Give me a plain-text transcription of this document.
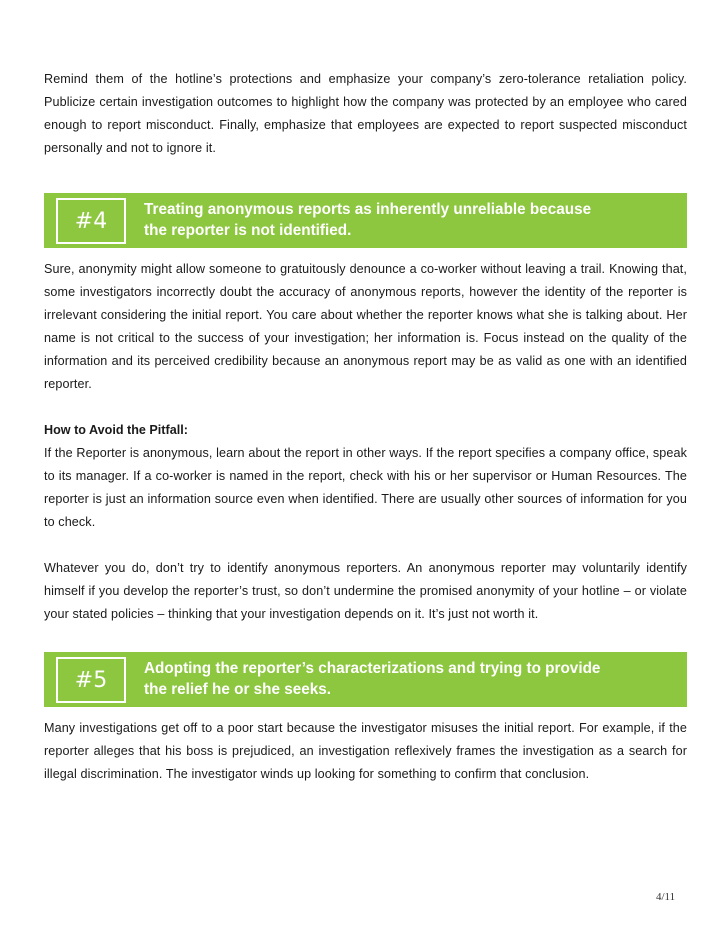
Remind them of the hotline’s protections and emphasize your company’s zero-tolerance retaliation policy. Publicize certain investigation outcomes to highlight how the company was protected by an employee who cared enough to report misconduct. Finally, emphasize that employees are expected to report suspected misconduct personally and not to ignore it.

#4	Treating anonymous reports as inherently unreliable because
the reporter is not identified.

Sure, anonymity might allow someone to gratuitously denounce a co-worker without leaving a trail. Knowing that, some investigators incorrectly doubt the accuracy of anonymous reports, however the identity of the reporter is irrelevant considering the initial report. You care about whether the reporter knows what she is talking about. Her name is not critical to the success of your investigation; her information is. Focus instead on the quality of the information and its perceived credibility because an anonymous report may be as valid as one with an identified reporter.

How to Avoid the Pitfall:

If the Reporter is anonymous, learn about the report in other ways. If the report specifies a company office, speak to its manager. If a co-worker is named in the report, check with his or her supervisor or Human Resources. The reporter is just an information source even when identified. There are usually other sources of information for you to check.

Whatever you do, don’t try to identify anonymous reporters. An anonymous reporter may voluntarily identify himself if you develop the reporter’s trust, so don’t undermine the promised anonymity of your hotline – or violate your stated policies – thinking that your investigation depends on it. It’s just not worth it.

#5	Adopting the reporter’s characterizations and trying to provide
the relief he or she seeks.

Many investigations get off to a poor start because the investigator misuses the initial report. For example, if the reporter alleges that his boss is prejudiced, an investigation reflexively frames the investigation as a search for illegal discrimination. The investigator winds up looking for something to confirm that conclusion.

4/11
